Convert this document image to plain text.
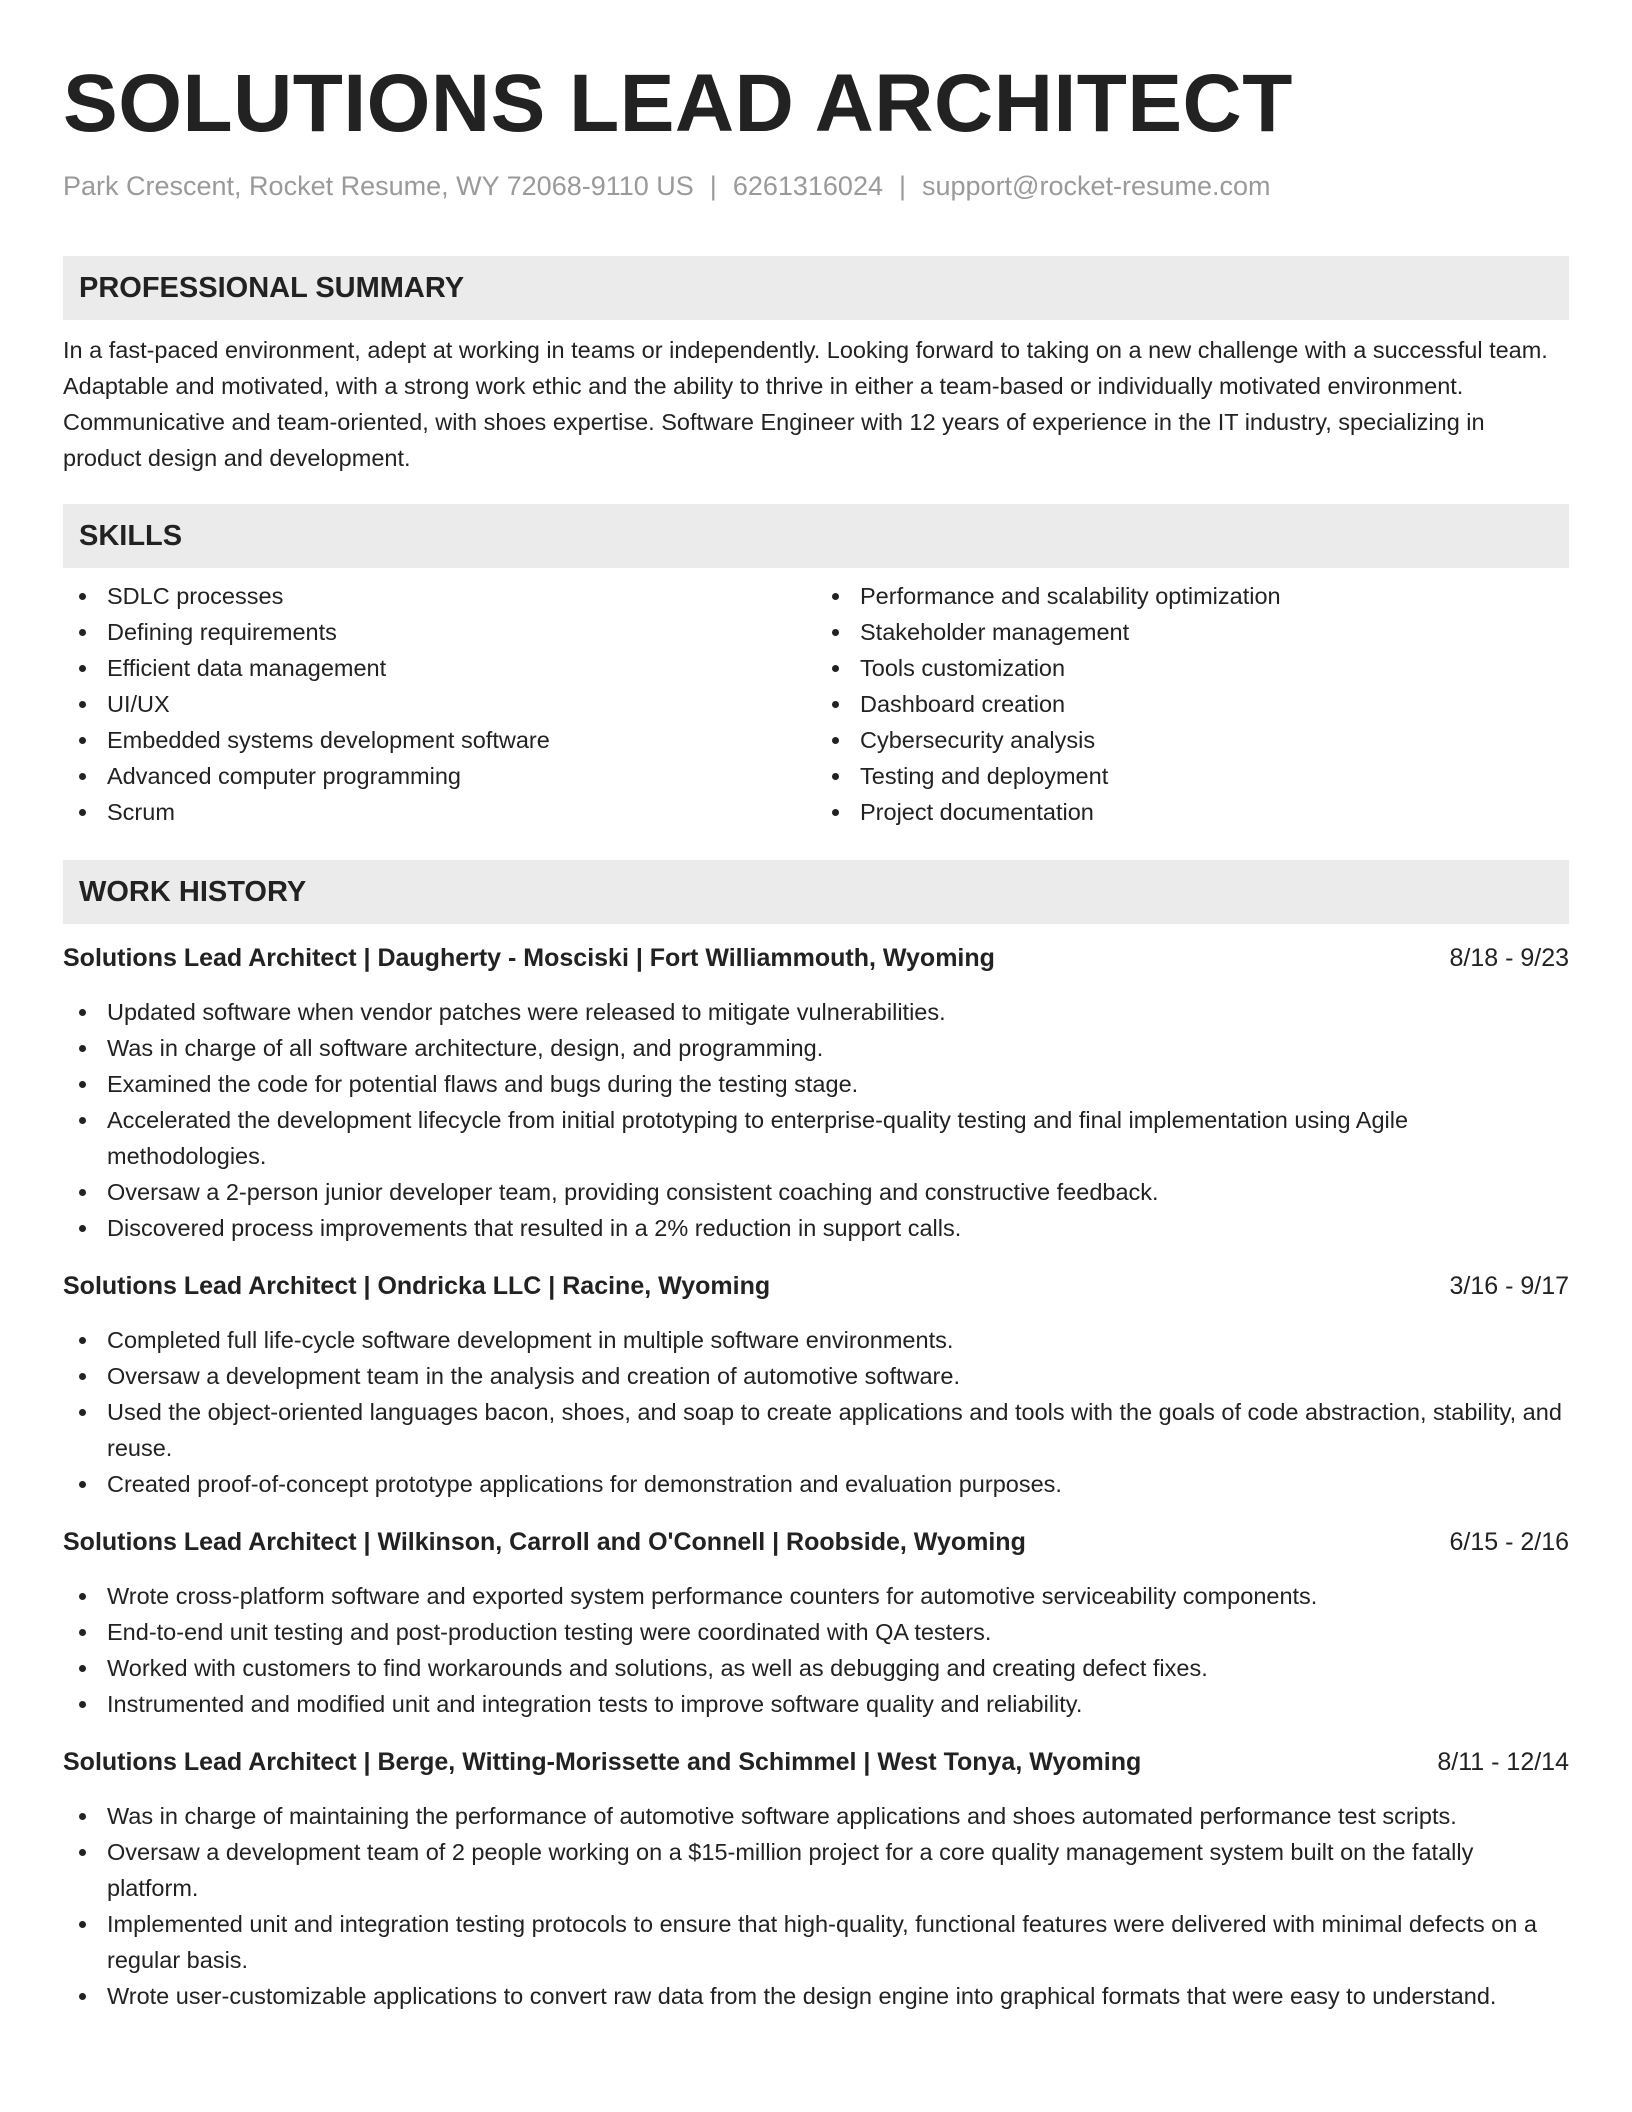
SOLUTIONS LEAD ARCHITECT
Park Crescent, Rocket Resume, WY 72068-9110 US | 6261316024 | support@rocket-resume.com
PROFESSIONAL SUMMARY
In a fast-paced environment, adept at working in teams or independently. Looking forward to taking on a new challenge with a successful team. Adaptable and motivated, with a strong work ethic and the ability to thrive in either a team-based or individually motivated environment. Communicative and team-oriented, with shoes expertise. Software Engineer with 12 years of experience in the IT industry, specializing in product design and development.
SKILLS
SDLC processes
Defining requirements
Efficient data management
UI/UX
Embedded systems development software
Advanced computer programming
Scrum
Performance and scalability optimization
Stakeholder management
Tools customization
Dashboard creation
Cybersecurity analysis
Testing and deployment
Project documentation
WORK HISTORY
Solutions Lead Architect | Daugherty - Mosciski | Fort Williammouth, Wyoming	8/18 - 9/23
Updated software when vendor patches were released to mitigate vulnerabilities.
Was in charge of all software architecture, design, and programming.
Examined the code for potential flaws and bugs during the testing stage.
Accelerated the development lifecycle from initial prototyping to enterprise-quality testing and final implementation using Agile methodologies.
Oversaw a 2-person junior developer team, providing consistent coaching and constructive feedback.
Discovered process improvements that resulted in a 2% reduction in support calls.
Solutions Lead Architect | Ondricka LLC | Racine, Wyoming	3/16 - 9/17
Completed full life-cycle software development in multiple software environments.
Oversaw a development team in the analysis and creation of automotive software.
Used the object-oriented languages bacon, shoes, and soap to create applications and tools with the goals of code abstraction, stability, and reuse.
Created proof-of-concept prototype applications for demonstration and evaluation purposes.
Solutions Lead Architect | Wilkinson, Carroll and O'Connell | Roobside, Wyoming	6/15 - 2/16
Wrote cross-platform software and exported system performance counters for automotive serviceability components.
End-to-end unit testing and post-production testing were coordinated with QA testers.
Worked with customers to find workarounds and solutions, as well as debugging and creating defect fixes.
Instrumented and modified unit and integration tests to improve software quality and reliability.
Solutions Lead Architect | Berge, Witting-Morissette and Schimmel | West Tonya, Wyoming	8/11 - 12/14
Was in charge of maintaining the performance of automotive software applications and shoes automated performance test scripts.
Oversaw a development team of 2 people working on a $15-million project for a core quality management system built on the fatally platform.
Implemented unit and integration testing protocols to ensure that high-quality, functional features were delivered with minimal defects on a regular basis.
Wrote user-customizable applications to convert raw data from the design engine into graphical formats that were easy to understand.
